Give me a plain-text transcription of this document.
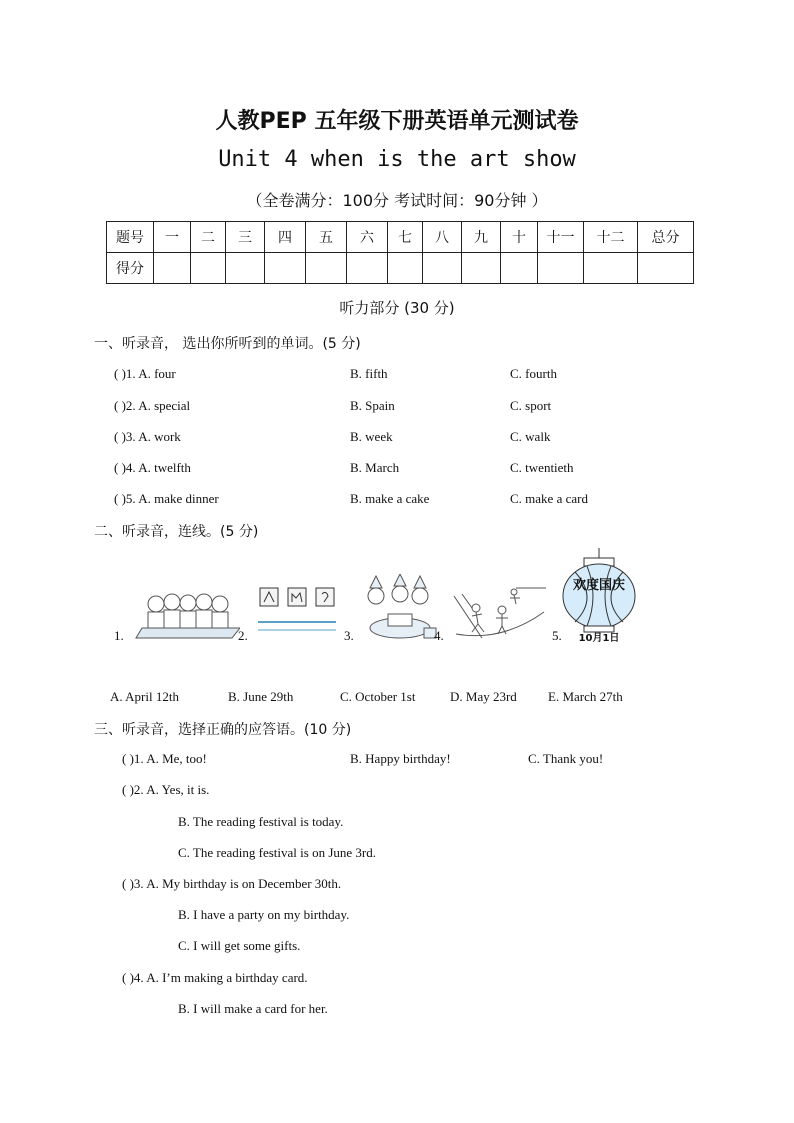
人教PEP 五年级下册英语单元测试卷
Unit 4 when is the art show
（全卷满分：100分 考试时间：90分钟 ）
题号	一	二	三	四	五	六	七	八	九	十	十一	十二	总分
得分													
听力部分 (30 分)
一、听录音， 选出你所听到的单词。(5 分)
( )1. A. four	B. fifth	C. fourth
( )2. A. special	B. Spain	C. sport
( )3. A. work	B. week	C. walk
( )4. A. twelfth	B. March	C. twentieth
( )5. A. make dinner	B. make a cake	C. make a card
二、听录音，连线。(5 分)
1.	2.	3.	4.	5.
欢度国庆
10月1日
A. April 12th	B. June 29th	C. October 1st	D. May 23rd E. March 27th
三、听录音，选择正确的应答语。(10 分)
( )1. A. Me, too!	B. Happy birthday!	C. Thank you!
( )2. A. Yes, it is.
B. The reading festival is today.
C. The reading festival is on June 3rd.
( )3. A. My birthday is on December 30th.
B. I have a party on my birthday.
C. I will get some gifts.
( )4. A. I’m making a birthday card.
B. I will make a card for her.
